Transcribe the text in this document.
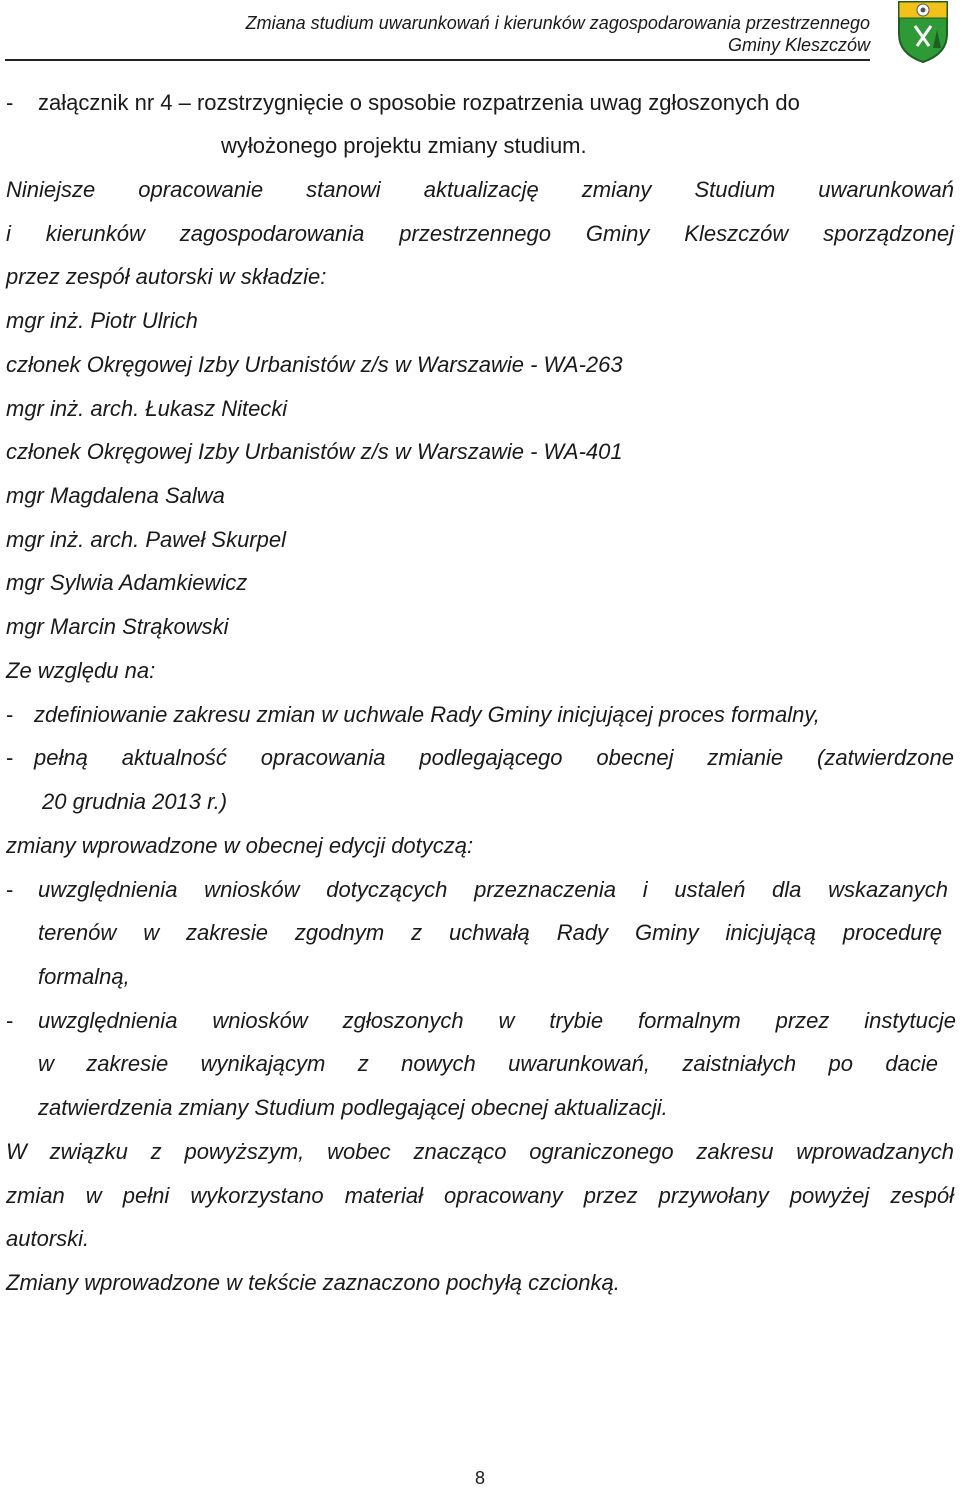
Zmiana studium uwarunkowań i kierunków zagospodarowania przestrzennego
Gminy Kleszczów
- załącznik nr 4 – rozstrzygnięcie o sposobie rozpatrzenia uwag zgłoszonych do
wyłożonego projektu zmiany studium.
Niniejsze opracowanie stanowi aktualizację zmiany Studium uwarunkowań
i kierunków zagospodarowania przestrzennego Gminy Kleszczów sporządzonej
przez zespół autorski w składzie:
mgr inż. Piotr Ulrich
członek Okręgowej Izby Urbanistów z/s w Warszawie - WA-263
mgr inż. arch. Łukasz Nitecki
członek Okręgowej Izby Urbanistów z/s w Warszawie - WA-401
mgr Magdalena Salwa
mgr inż. arch. Paweł Skurpel
mgr Sylwia Adamkiewicz
mgr Marcin Strąkowski
Ze względu na:
- zdefiniowanie zakresu zmian w uchwale Rady Gminy inicjującej proces formalny,
- pełną aktualność opracowania podlegającego obecnej zmianie (zatwierdzone
20 grudnia 2013 r.)
zmiany wprowadzone w obecnej edycji dotyczą:
- uwzględnienia wniosków dotyczących przeznaczenia i ustaleń dla wskazanych
terenów w zakresie zgodnym z uchwałą Rady Gminy inicjującą procedurę
formalną,
- uwzględnienia wniosków zgłoszonych w trybie formalnym przez instytucje
w zakresie wynikającym z nowych uwarunkowań, zaistniałych po dacie
zatwierdzenia zmiany Studium podlegającej obecnej aktualizacji.
W związku z powyższym, wobec znacząco ograniczonego zakresu wprowadzanych
zmian w pełni wykorzystano materiał opracowany przez przywołany powyżej zespół
autorski.
Zmiany wprowadzone w tekście zaznaczono pochyłą czcionką.
8
